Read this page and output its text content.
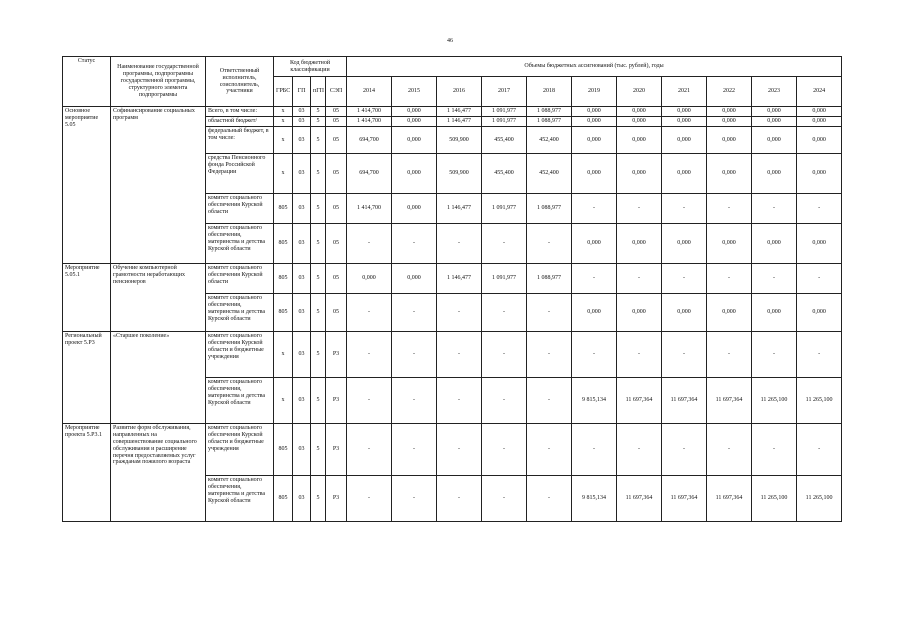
46
Статус	Наименование государственной программы, подпрограммы государственной программы, структурного элемента подпрограммы	Ответственный исполнитель, соисполнитель, участники	Код бюджетной классификации				Объемы бюджетных ассигнований (тыс. рублей), годы										
			ГРБС	ГП	пГП	СЭП	2014	2015	2016	2017	2018	2019	2020	2021	2022	2023	2024
Основное мероприятие 5.05	Софинансирование социальных программ	Всего, в том числе:	х	03	5	05	1 414,700	0,000	1 146,477	1 091,977	1 088,977	0,000	0,000	0,000	0,000	0,000	0,000
		областной бюджет/	х	03	5	05	1 414,700	0,000	1 146,477	1 091,977	1 088,977	0,000	0,000	0,000	0,000	0,000	0,000
		федеральный бюджет, в том числе:	х	03	5	05	694,700	0,000	509,900	455,400	452,400	0,000	0,000	0,000	0,000	0,000	0,000
		средства Пенсионного фонда Российской Федерации	х	03	5	05	694,700	0,000	509,900	455,400	452,400	0,000	0,000	0,000	0,000	0,000	0,000
		комитет социального обеспечения Курской области	805	03	5	05	1 414,700	0,000	1 146,477	1 091,977	1 088,977	-	-	-	-	-	-
		комитет социального обеспечения, материнства и детства Курской области	805	03	5	05	-	-	-	-	-	0,000	0,000	0,000	0,000	0,000	0,000
Мероприятие 5.05.1	Обучение компьютерной грамотности неработающих пенсионеров	комитет социального обеспечения Курской области	805	03	5	05	0,000	0,000	1 146,477	1 091,977	1 088,977	-	-	-	-	-	-
		комитет социального обеспечения, материнства и детства Курской области	805	03	5	05	-	-	-	-	-	0,000	0,000	0,000	0,000	0,000	0,000
Региональный проект 5.Р3	«Старшее поколение»	комитет социального обеспечения Курской области и бюджетные учреждения	х	03	5	Р3	-	-	-	-	-	-	-	-	-	-	-
		комитет социального обеспечения, материнства и детства Курской области	х	03	5	Р3	-	-	-	-	-	9 815,134	11 697,364	11 697,364	11 697,364	11 265,100	11 265,100
Мероприятие проекта 5.Р3.1	Развитие форм обслуживания, направленных на совершенствование социального обслуживания и расширение перечня предоставляемых услуг гражданам пожилого возраста	комитет социального обеспечения Курской области и бюджетные учреждения	805	03	5	Р3	-	-	-	-	-	-	-	-	-	-	-
		комитет социального обеспечения, материнства и детства Курской области	805	03	5	Р3	-	-	-	-	-	9 815,134	11 697,364	11 697,364	11 697,364	11 265,100	11 265,100
